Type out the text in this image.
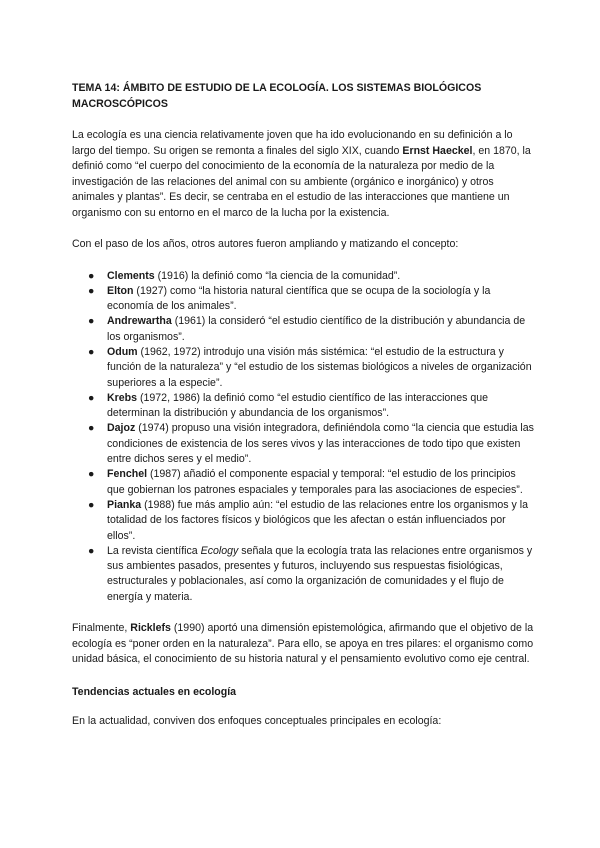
TEMA 14: ÁMBITO DE ESTUDIO DE LA ECOLOGÍA. LOS SISTEMAS BIOLÓGICOS MACROSCÓPICOS

La ecología es una ciencia relativamente joven que ha ido evolucionando en su definición a lo largo del tiempo. Su origen se remonta a finales del siglo XIX, cuando Ernst Haeckel, en 1870, la definió como “el cuerpo del conocimiento de la economía de la naturaleza por medio de la investigación de las relaciones del animal con su ambiente (orgánico e inorgánico) y otros animales y plantas”. Es decir, se centraba en el estudio de las interacciones que mantiene un organismo con su entorno en el marco de la lucha por la existencia.

Con el paso de los años, otros autores fueron ampliando y matizando el concepto:

● Clements (1916) la definió como “la ciencia de la comunidad”.
● Elton (1927) como “la historia natural científica que se ocupa de la sociología y la economía de los animales”.
● Andrewartha (1961) la consideró “el estudio científico de la distribución y abundancia de los organismos”.
● Odum (1962, 1972) introdujo una visión más sistémica: “el estudio de la estructura y función de la naturaleza” y “el estudio de los sistemas biológicos a niveles de organización superiores a la especie”.
● Krebs (1972, 1986) la definió como “el estudio científico de las interacciones que determinan la distribución y abundancia de los organismos”.
● Dajoz (1974) propuso una visión integradora, definiéndola como “la ciencia que estudia las condiciones de existencia de los seres vivos y las interacciones de todo tipo que existen entre dichos seres y el medio”.
● Fenchel (1987) añadió el componente espacial y temporal: “el estudio de los principios que gobiernan los patrones espaciales y temporales para las asociaciones de especies”.
● Pianka (1988) fue más amplio aún: “el estudio de las relaciones entre los organismos y la totalidad de los factores físicos y biológicos que les afectan o están influenciados por ellos”.
● La revista científica Ecology señala que la ecología trata las relaciones entre organismos y sus ambientes pasados, presentes y futuros, incluyendo sus respuestas fisiológicas, estructurales y poblacionales, así como la organización de comunidades y el flujo de energía y materia.

Finalmente, Ricklefs (1990) aportó una dimensión epistemológica, afirmando que el objetivo de la ecología es “poner orden en la naturaleza”. Para ello, se apoya en tres pilares: el organismo como unidad básica, el conocimiento de su historia natural y el pensamiento evolutivo como eje central.

Tendencias actuales en ecología

En la actualidad, conviven dos enfoques conceptuales principales en ecología:
